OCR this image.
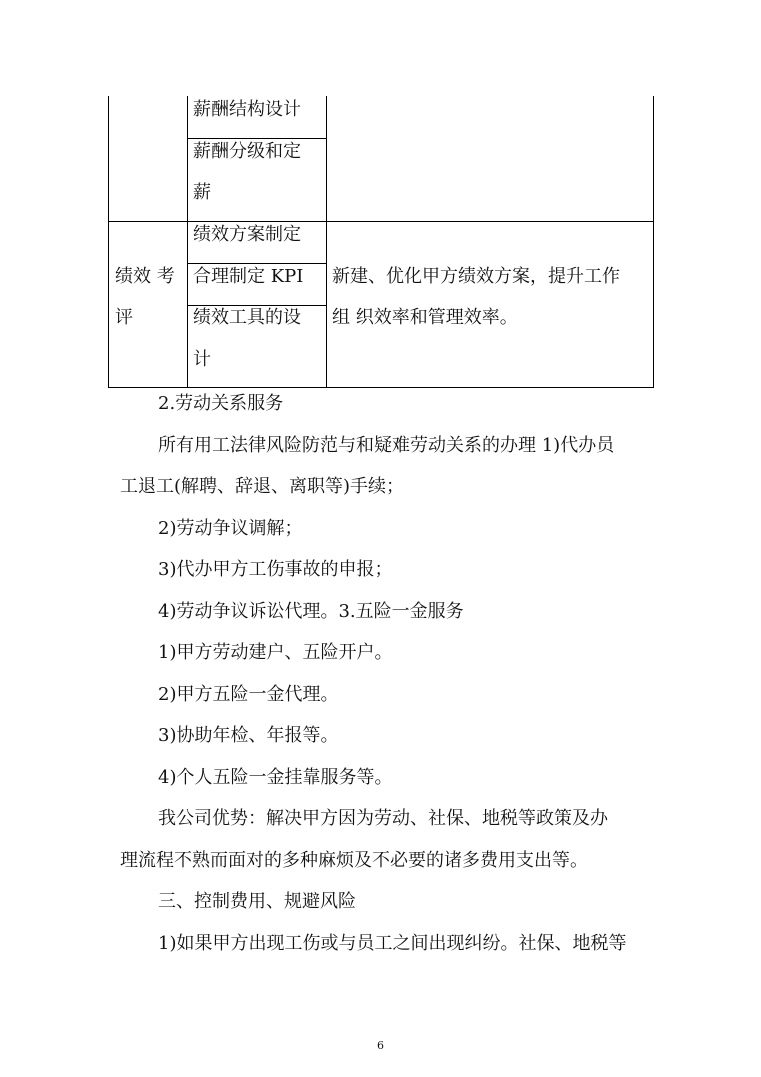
薪酬结构设计
薪酬分级和定
薪
绩效 考
评
绩效方案制定
合理制定 KPI
绩效工具的设
计
新建、优化甲方绩效方案，提升工作
组 织效率和管理效率。
2.劳动关系服务
所有用工法律风险防范与和疑难劳动关系的办理 1)代办员
工退工(解聘、辞退、离职等)手续；
2)劳动争议调解；
3)代办甲方工伤事故的申报；
4)劳动争议诉讼代理。3.五险一金服务
1)甲方劳动建户、五险开户。
2)甲方五险一金代理。
3)协助年检、年报等。
4)个人五险一金挂靠服务等。
我公司优势：解决甲方因为劳动、社保、地税等政策及办
理流程不熟而面对的多种麻烦及不必要的诸多费用支出等。
三、控制费用、规避风险
1)如果甲方出现工伤或与员工之间出现纠纷。社保、地税等
6
